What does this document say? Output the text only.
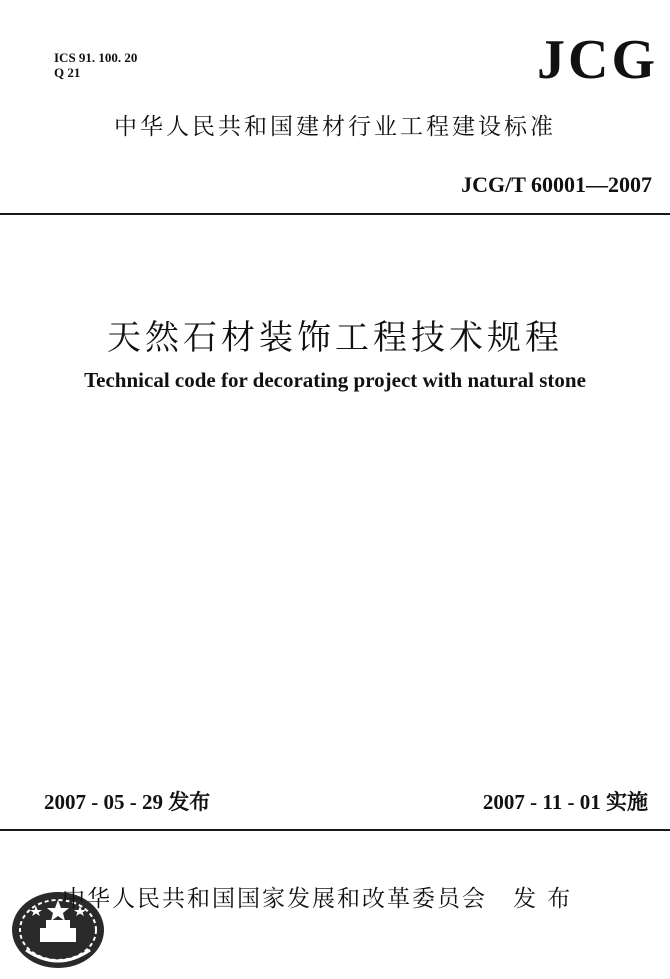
ICS 91. 100. 20
Q 21	JCG
中华人民共和国建材行业工程建设标准
JCG/T 60001—2007
天然石材装饰工程技术规程
Technical code for decorating project with natural stone
2007 - 05 - 29 发布	2007 - 11 - 01 实施
中华人民共和国国家发展和改革委员会 发 布
